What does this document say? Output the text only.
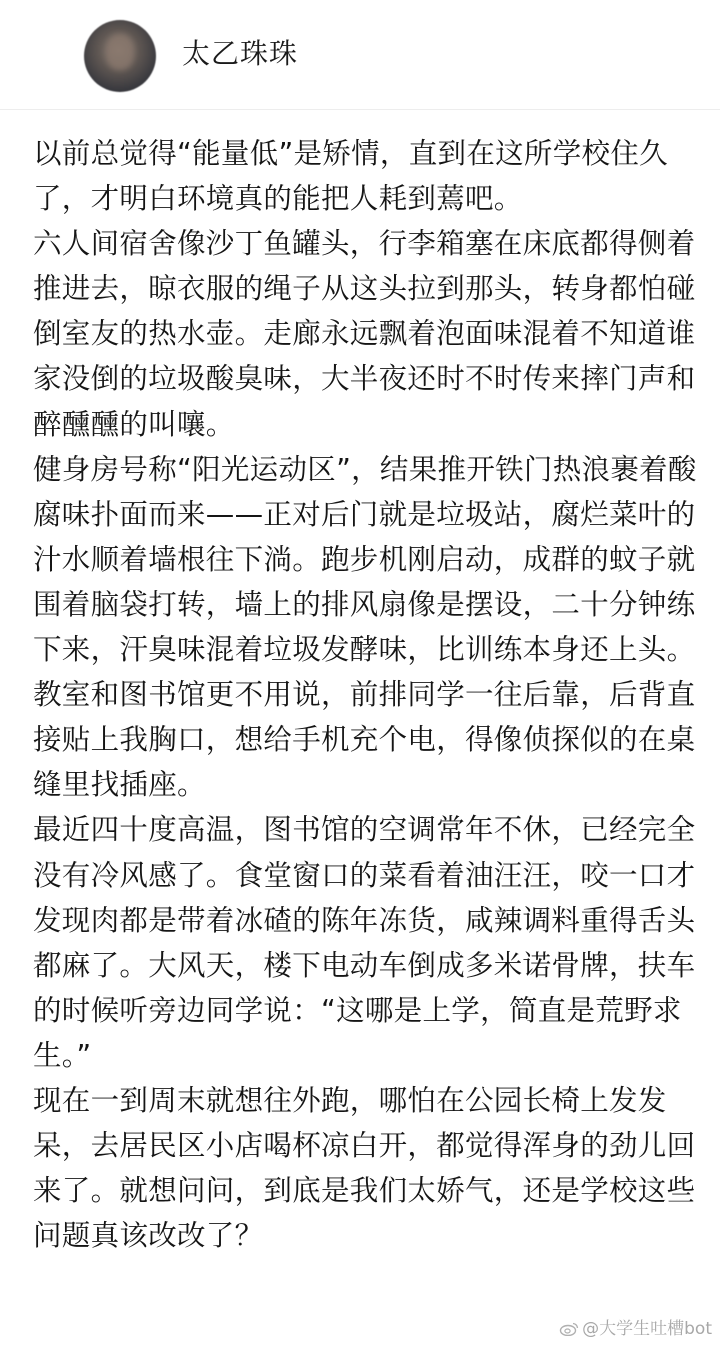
太乙珠珠

以前总觉得“能量低”是矫情，直到在这所学校住久了，才明白环境真的能把人耗到蔫吧。

六人间宿舍像沙丁鱼罐头，行李箱塞在床底都得侧着推进去，晾衣服的绳子从这头拉到那头，转身都怕碰倒室友的热水壶。走廊永远飘着泡面味混着不知道谁家没倒的垃圾酸臭味，大半夜还时不时传来摔门声和醉醺醺的叫嚷。

健身房号称“阳光运动区”，结果推开铁门热浪裹着酸腐味扑面而来——正对后门就是垃圾站，腐烂菜叶的汁水顺着墙根往下淌。跑步机刚启动，成群的蚊子就围着脑袋打转，墙上的排风扇像是摆设，二十分钟练下来，汗臭味混着垃圾发酵味，比训练本身还上头。教室和图书馆更不用说，前排同学一往后靠，后背直接贴上我胸口，想给手机充个电，得像侦探似的在桌缝里找插座。

最近四十度高温，图书馆的空调常年不休，已经完全没有冷风感了。食堂窗口的菜看着油汪汪，咬一口才发现肉都是带着冰碴的陈年冻货，咸辣调料重得舌头都麻了。大风天，楼下电动车倒成多米诺骨牌，扶车的时候听旁边同学说：“这哪是上学，简直是荒野求生。”

现在一到周末就想往外跑，哪怕在公园长椅上发发呆，去居民区小店喝杯凉白开，都觉得浑身的劲儿回来了。就想问问，到底是我们太娇气，还是学校这些问题真该改改了？

@大学生吐槽bot
